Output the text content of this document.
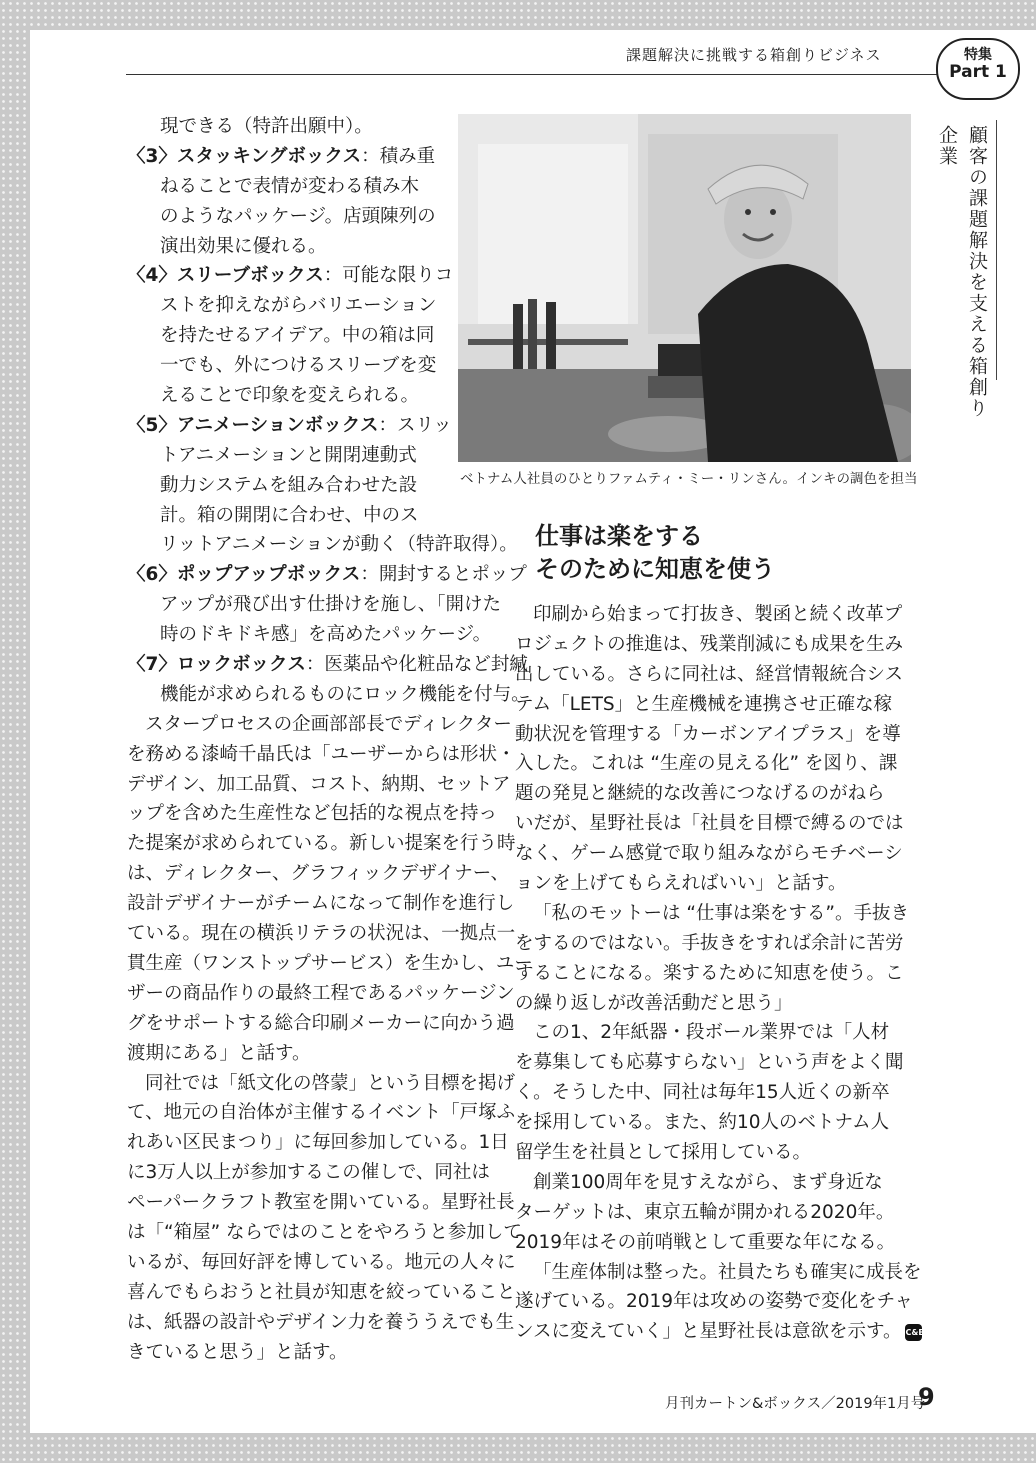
課題解決に挑戦する箱創りビジネス	特集
Part 1
顧客の課題解決を支える箱創り企業
現できる（特許出願中）。
〈3〉スタッキングボックス：積み重
ねることで表情が変わる積み木
のようなパッケージ。店頭陳列の
演出効果に優れる。
〈4〉スリーブボックス：可能な限りコ
ストを抑えながらバリエーション
を持たせるアイデア。中の箱は同
一でも、外につけるスリーブを変
えることで印象を変えられる。
〈5〉アニメーションボックス：スリッ
トアニメーションと開閉連動式
動力システムを組み合わせた設
計。箱の開閉に合わせ、中のス
リットアニメーションが動く（特許取得）。
〈6〉ポップアップボックス：開封するとポップ
アップが飛び出す仕掛けを施し、「開けた
時のドキドキ感」を高めたパッケージ。
〈7〉ロックボックス：医薬品や化粧品など封緘
機能が求められるものにロック機能を付与。
スタープロセスの企画部部長でディレクター
を務める漆崎千晶氏は「ユーザーからは形状・
デザイン、加工品質、コスト、納期、セットア
ップを含めた生産性など包括的な視点を持っ
た提案が求められている。新しい提案を行う時
は、ディレクター、グラフィックデザイナー、
設計デザイナーがチームになって制作を進行し
ている。現在の横浜リテラの状況は、一拠点一
貫生産（ワンストップサービス）を生かし、ユー
ザーの商品作りの最終工程であるパッケージン
グをサポートする総合印刷メーカーに向かう過
渡期にある」と話す。
同社では「紙文化の啓蒙」という目標を掲げ
て、地元の自治体が主催するイベント「戸塚ふ
れあい区民まつり」に毎回参加している。1日
に3万人以上が参加するこの催しで、同社は
ペーパークラフト教室を開いている。星野社長
は「“箱屋” ならではのことをやろうと参加して
いるが、毎回好評を博している。地元の人々に
喜んでもらおうと社員が知恵を絞っていること
は、紙器の設計やデザイン力を養ううえでも生
きていると思う」と話す。
ベトナム人社員のひとりファムティ・ミー・リンさん。インキの調色を担当
仕事は楽をする
そのために知恵を使う
印刷から始まって打抜き、製函と続く改革プ
ロジェクトの推進は、残業削減にも成果を生み
出している。さらに同社は、経営情報統合シス
テム「LETS」と生産機械を連携させ正確な稼
動状況を管理する「カーボンアイプラス」を導
入した。これは “生産の見える化” を図り、課
題の発見と継続的な改善につなげるのがねら
いだが、星野社長は「社員を目標で縛るのでは
なく、ゲーム感覚で取り組みながらモチベーシ
ョンを上げてもらえればいい」と話す。
「私のモットーは “仕事は楽をする”。手抜き
をするのではない。手抜きをすれば余計に苦労
することになる。楽するために知恵を使う。こ
の繰り返しが改善活動だと思う」
この1、2年紙器・段ボール業界では「人材
を募集しても応募すらない」という声をよく聞
く。そうした中、同社は毎年15人近くの新卒
を採用している。また、約10人のベトナム人
留学生を社員として採用している。
創業100周年を見すえながら、まず身近な
ターゲットは、東京五輪が開かれる2020年。
2019年はその前哨戦として重要な年になる。
「生産体制は整った。社員たちも確実に成長を
遂げている。2019年は攻めの姿勢で変化をチャ
ンスに変えていく」と星野社長は意欲を示す。 C&B
月刊カートン&ボックス／2019年1月号
9
